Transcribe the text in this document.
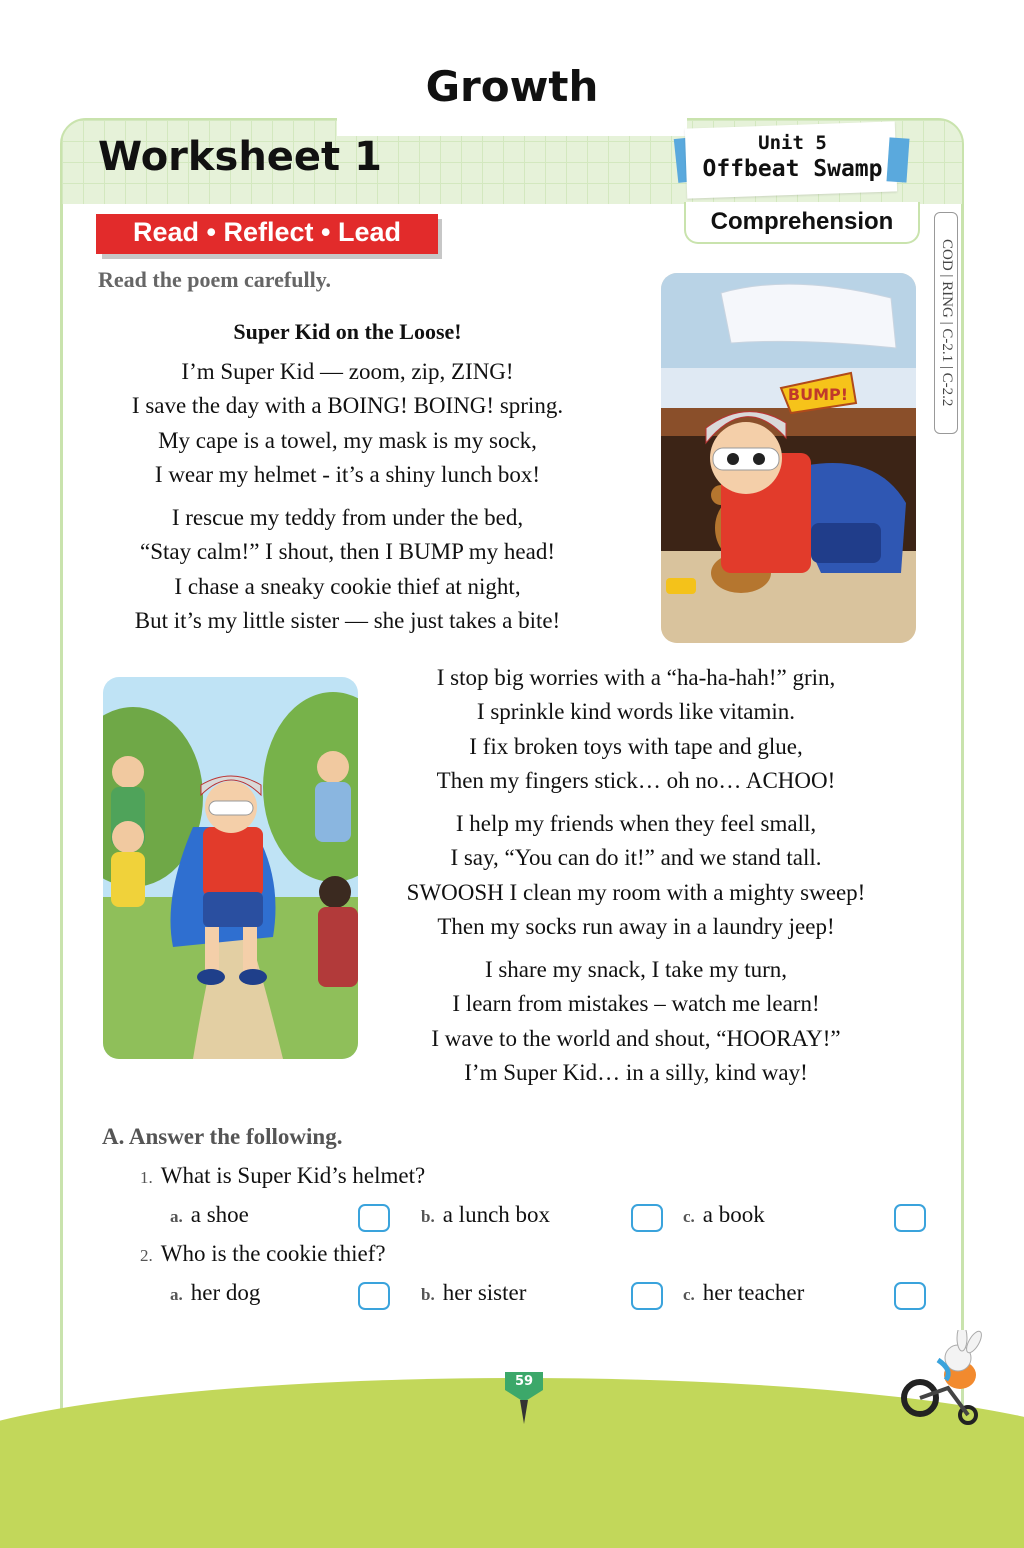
Growth
Worksheet 1	Unit 5
Offbeat Swamp
Comprehension
COD | RING | C-2.1 | C-2.2
Read • Reflect • Lead
Read the poem carefully.
Super Kid on the Loose!
I’m Super Kid — zoom, zip, ZING!
I save the day with a BOING! BOING! spring.
My cape is a towel, my mask is my sock,
I wear my helmet - it’s a shiny lunch box!
I rescue my teddy from under the bed,
“Stay calm!” I shout, then I BUMP my head!
I chase a sneaky cookie thief at night,
But it’s my little sister — she just takes a bite!
I stop big worries with a “ha-ha-hah!” grin,
I sprinkle kind words like vitamin.
I fix broken toys with tape and glue,
Then my fingers stick… oh no… ACHOO!
I help my friends when they feel small,
I say, “You can do it!” and we stand tall.
SWOOSH I clean my room with a mighty sweep!
Then my socks run away in a laundry jeep!
I share my snack, I take my turn,
I learn from mistakes – watch me learn!
I wave to the world and shout, “HOORAY!”
I’m Super Kid… in a silly, kind way!
BUMP!
A. Answer the following.
1. What is Super Kid’s helmet?
a. a shoe	b. a lunch box	c. a book
2. Who is the cookie thief?
a. her dog	b. her sister	c. her teacher
59
